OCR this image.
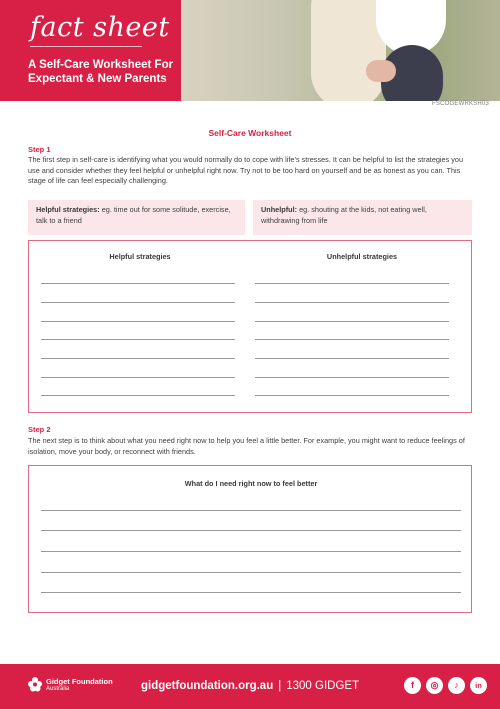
fact sheet
A Self-Care Worksheet For Expectant & New Parents
FSCOGEWRKSH03
Self-Care Worksheet
Step 1
The first step in self-care is identifying what you would normally do to cope with life’s stresses. It can be helpful to list the strategies you use and consider whether they feel helpful or unhelpful right now. Try not to be too hard on yourself and be as honest as you can. This stage of life can feel especially challenging.
Helpful strategies: eg. time out for some solitude, exercise, talk to a friend
Unhelpful: eg. shouting at the kids, not eating well, withdrawing from life
Helpful strategies	Unhelpful strategies
Step 2
The next step is to think about what you need right now to help you feel a little better. For example, you might want to reduce feelings of isolation, move your body, or reconnect with friends.
What do I need right now to feel better
Gidget Foundation
Australia	gidgetfoundation.org.au | 1300 GIDGET	f	◎	♪	in
